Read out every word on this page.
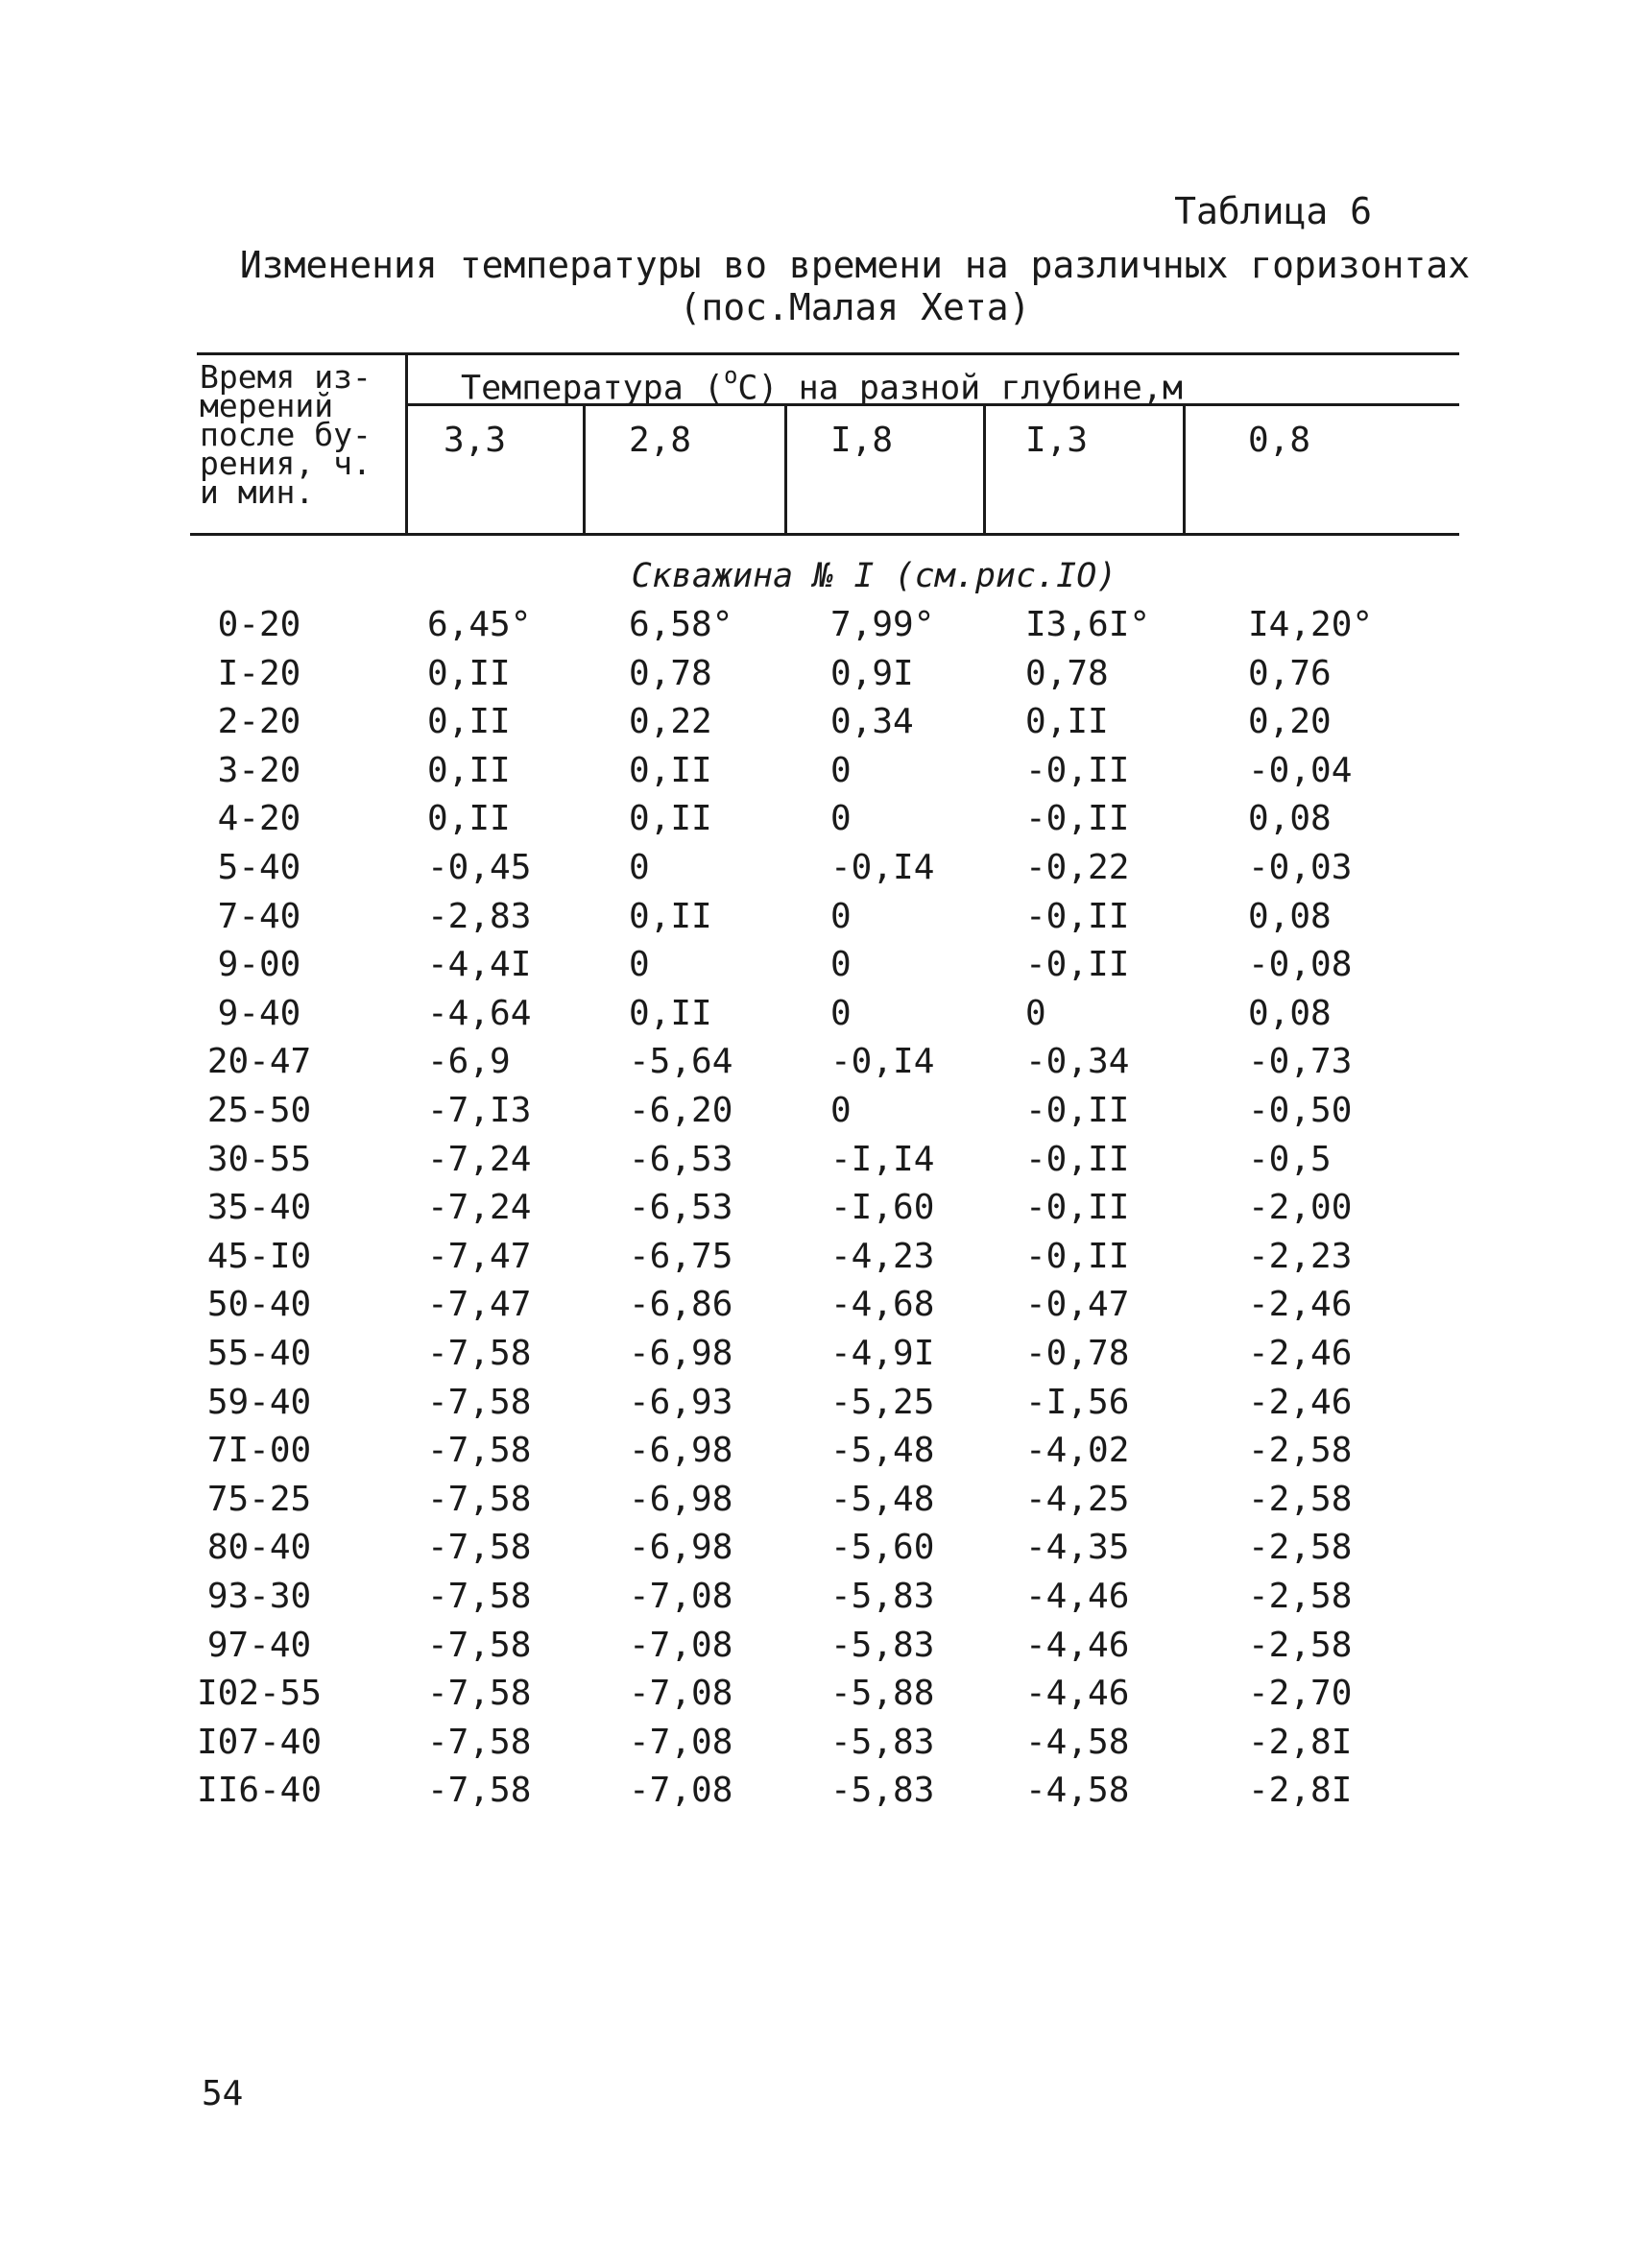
Таблица 6
Изменения температуры во времени на различных горизонтах
(пос.Малая Хета)
Время из-
мерений
после бу-
рения, ч.
и мин.
Температура ($^о$С) на разной глубине,м
3,3	2,8	I,8	I,3	0,8
Скважина № I (см.рис.IO)
0-20	6,45°	6,58°	7,99°	I3,6I°	I4,20°
I-20	0,II	0,78	0,9I	0,78	0,76
2-20	0,II	0,22	0,34	0,II	0,20
3-20	0,II	0,II	0	-0,II	-0,04
4-20	0,II	0,II	0	-0,II	0,08
5-40	-0,45	0	-0,I4	-0,22	-0,03
7-40	-2,83	0,II	0	-0,II	0,08
9-00	-4,4I	0	0	-0,II	-0,08
9-40	-4,64	0,II	0	0	0,08
20-47	-6,9	-5,64	-0,I4	-0,34	-0,73
25-50	-7,I3	-6,20	0	-0,II	-0,50
30-55	-7,24	-6,53	-I,I4	-0,II	-0,5
35-40	-7,24	-6,53	-I,60	-0,II	-2,00
45-I0	-7,47	-6,75	-4,23	-0,II	-2,23
50-40	-7,47	-6,86	-4,68	-0,47	-2,46
55-40	-7,58	-6,98	-4,9I	-0,78	-2,46
59-40	-7,58	-6,93	-5,25	-I,56	-2,46
7I-00	-7,58	-6,98	-5,48	-4,02	-2,58
75-25	-7,58	-6,98	-5,48	-4,25	-2,58
80-40	-7,58	-6,98	-5,60	-4,35	-2,58
93-30	-7,58	-7,08	-5,83	-4,46	-2,58
97-40	-7,58	-7,08	-5,83	-4,46	-2,58
I02-55	-7,58	-7,08	-5,88	-4,46	-2,70
I07-40	-7,58	-7,08	-5,83	-4,58	-2,8I
II6-40	-7,58	-7,08	-5,83	-4,58	-2,8I
54
